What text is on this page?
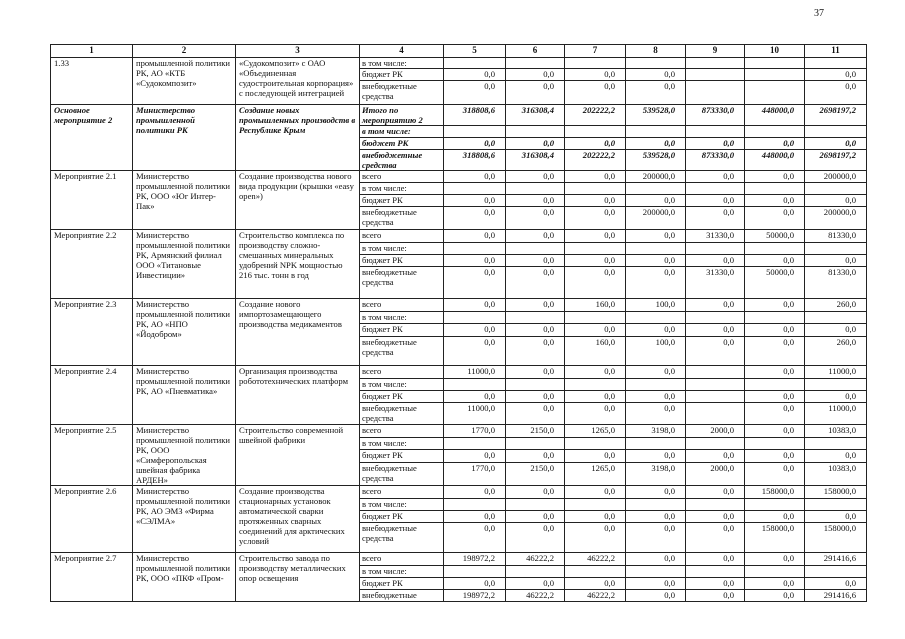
37
1	2	3	4	5	6	7	8	9	10	11
1.33	промышленной политики РК, АО «КТБ «Судокомпозит»	«Судокомпозит» с ОАО «Объединенная судостроительная корпорация» с последующей интеграцией	в том числе:							
			бюджет РК	0,0	0,0	0,0	0,0			0,0
			внебюджетные средства	0,0	0,0	0,0	0,0			0,0
Основное мероприятие 2	Министерство промышленной политики РК	Создание новых промышленных производств в Республике Крым	Итого по мероприятию 2	318808,6	316308,4	202222,2	539528,0	873330,0	448000,0	2698197,2
			в том числе:							
			бюджет РК	0,0	0,0	0,0	0,0	0,0	0,0	0,0
			внебюджетные средства	318808,6	316308,4	202222,2	539528,0	873330,0	448000,0	2698197,2
Мероприятие 2.1	Министерство промышленной политики РК, ООО «Юг Интер-Пак»	Создание производства нового вида продукции (крышки «easy open»)	всего	0,0	0,0	0,0	200000,0	0,0	0,0	200000,0
			в том числе:							
			бюджет РК	0,0	0,0	0,0	0,0	0,0	0,0	0,0
			внебюджетные средства	0,0	0,0	0,0	200000,0	0,0	0,0	200000,0
Мероприятие 2.2	Министерство промышленной политики РК, Армянский филиал ООО «Титановые Инвестиции»	Строительство комплекса по производству сложно-смешанных минеральных удобрений NPK мощностью 216 тыс. тонн в год	всего	0,0	0,0	0,0	0,0	31330,0	50000,0	81330,0
			в том числе:							
			бюджет РК	0,0	0,0	0,0	0,0	0,0	0,0	0,0
			внебюджетные средства	0,0	0,0	0,0	0,0	31330,0	50000,0	81330,0
Мероприятие 2.3	Министерство промышленной политики РК, АО «НПО «Йодобром»	Создание нового импортозамещающего производства медикаментов	всего	0,0	0,0	160,0	100,0	0,0	0,0	260,0
			в том числе:							
			бюджет РК	0,0	0,0	0,0	0,0	0,0	0,0	0,0
			внебюджетные средства	0,0	0,0	160,0	100,0	0,0	0,0	260,0
Мероприятие 2.4	Министерство промышленной политики РК, АО «Пневматика»	Организация производства робототехнических платформ	всего	11000,0	0,0	0,0	0,0		0,0	11000,0
			в том числе:							
			бюджет РК	0,0	0,0	0,0	0,0		0,0	0,0
			внебюджетные средства	11000,0	0,0	0,0	0,0		0,0	11000,0
Мероприятие 2.5	Министерство промышленной политики РК, ООО «Симферопольская швейная фабрика АРДЕН»	Строительство современной швейной фабрики	всего	1770,0	2150,0	1265,0	3198,0	2000,0	0,0	10383,0
			в том числе:							
			бюджет РК	0,0	0,0	0,0	0,0	0,0	0,0	0,0
			внебюджетные средства	1770,0	2150,0	1265,0	3198,0	2000,0	0,0	10383,0
Мероприятие 2.6	Министерство промышленной политики РК, АО ЭМЗ «Фирма «СЭЛМА»	Создание производства стационарных установок автоматической сварки протяженных сварных соединений для арктических условий	всего	0,0	0,0	0,0	0,0	0,0	158000,0	158000,0
			в том числе:							
			бюджет РК	0,0	0,0	0,0	0,0	0,0	0,0	0,0
			внебюджетные средства	0,0	0,0	0,0	0,0	0,0	158000,0	158000,0
Мероприятие 2.7	Министерство промышленной политики РК, ООО «ПКФ «Пром-	Строительство завода по производству металлических опор освещения	всего	198972,2	46222,2	46222,2	0,0	0,0	0,0	291416,6
			в том числе:							
			бюджет РК	0,0	0,0	0,0	0,0	0,0	0,0	0,0
			внебюджетные	198972,2	46222,2	46222,2	0,0	0,0	0,0	291416,6
